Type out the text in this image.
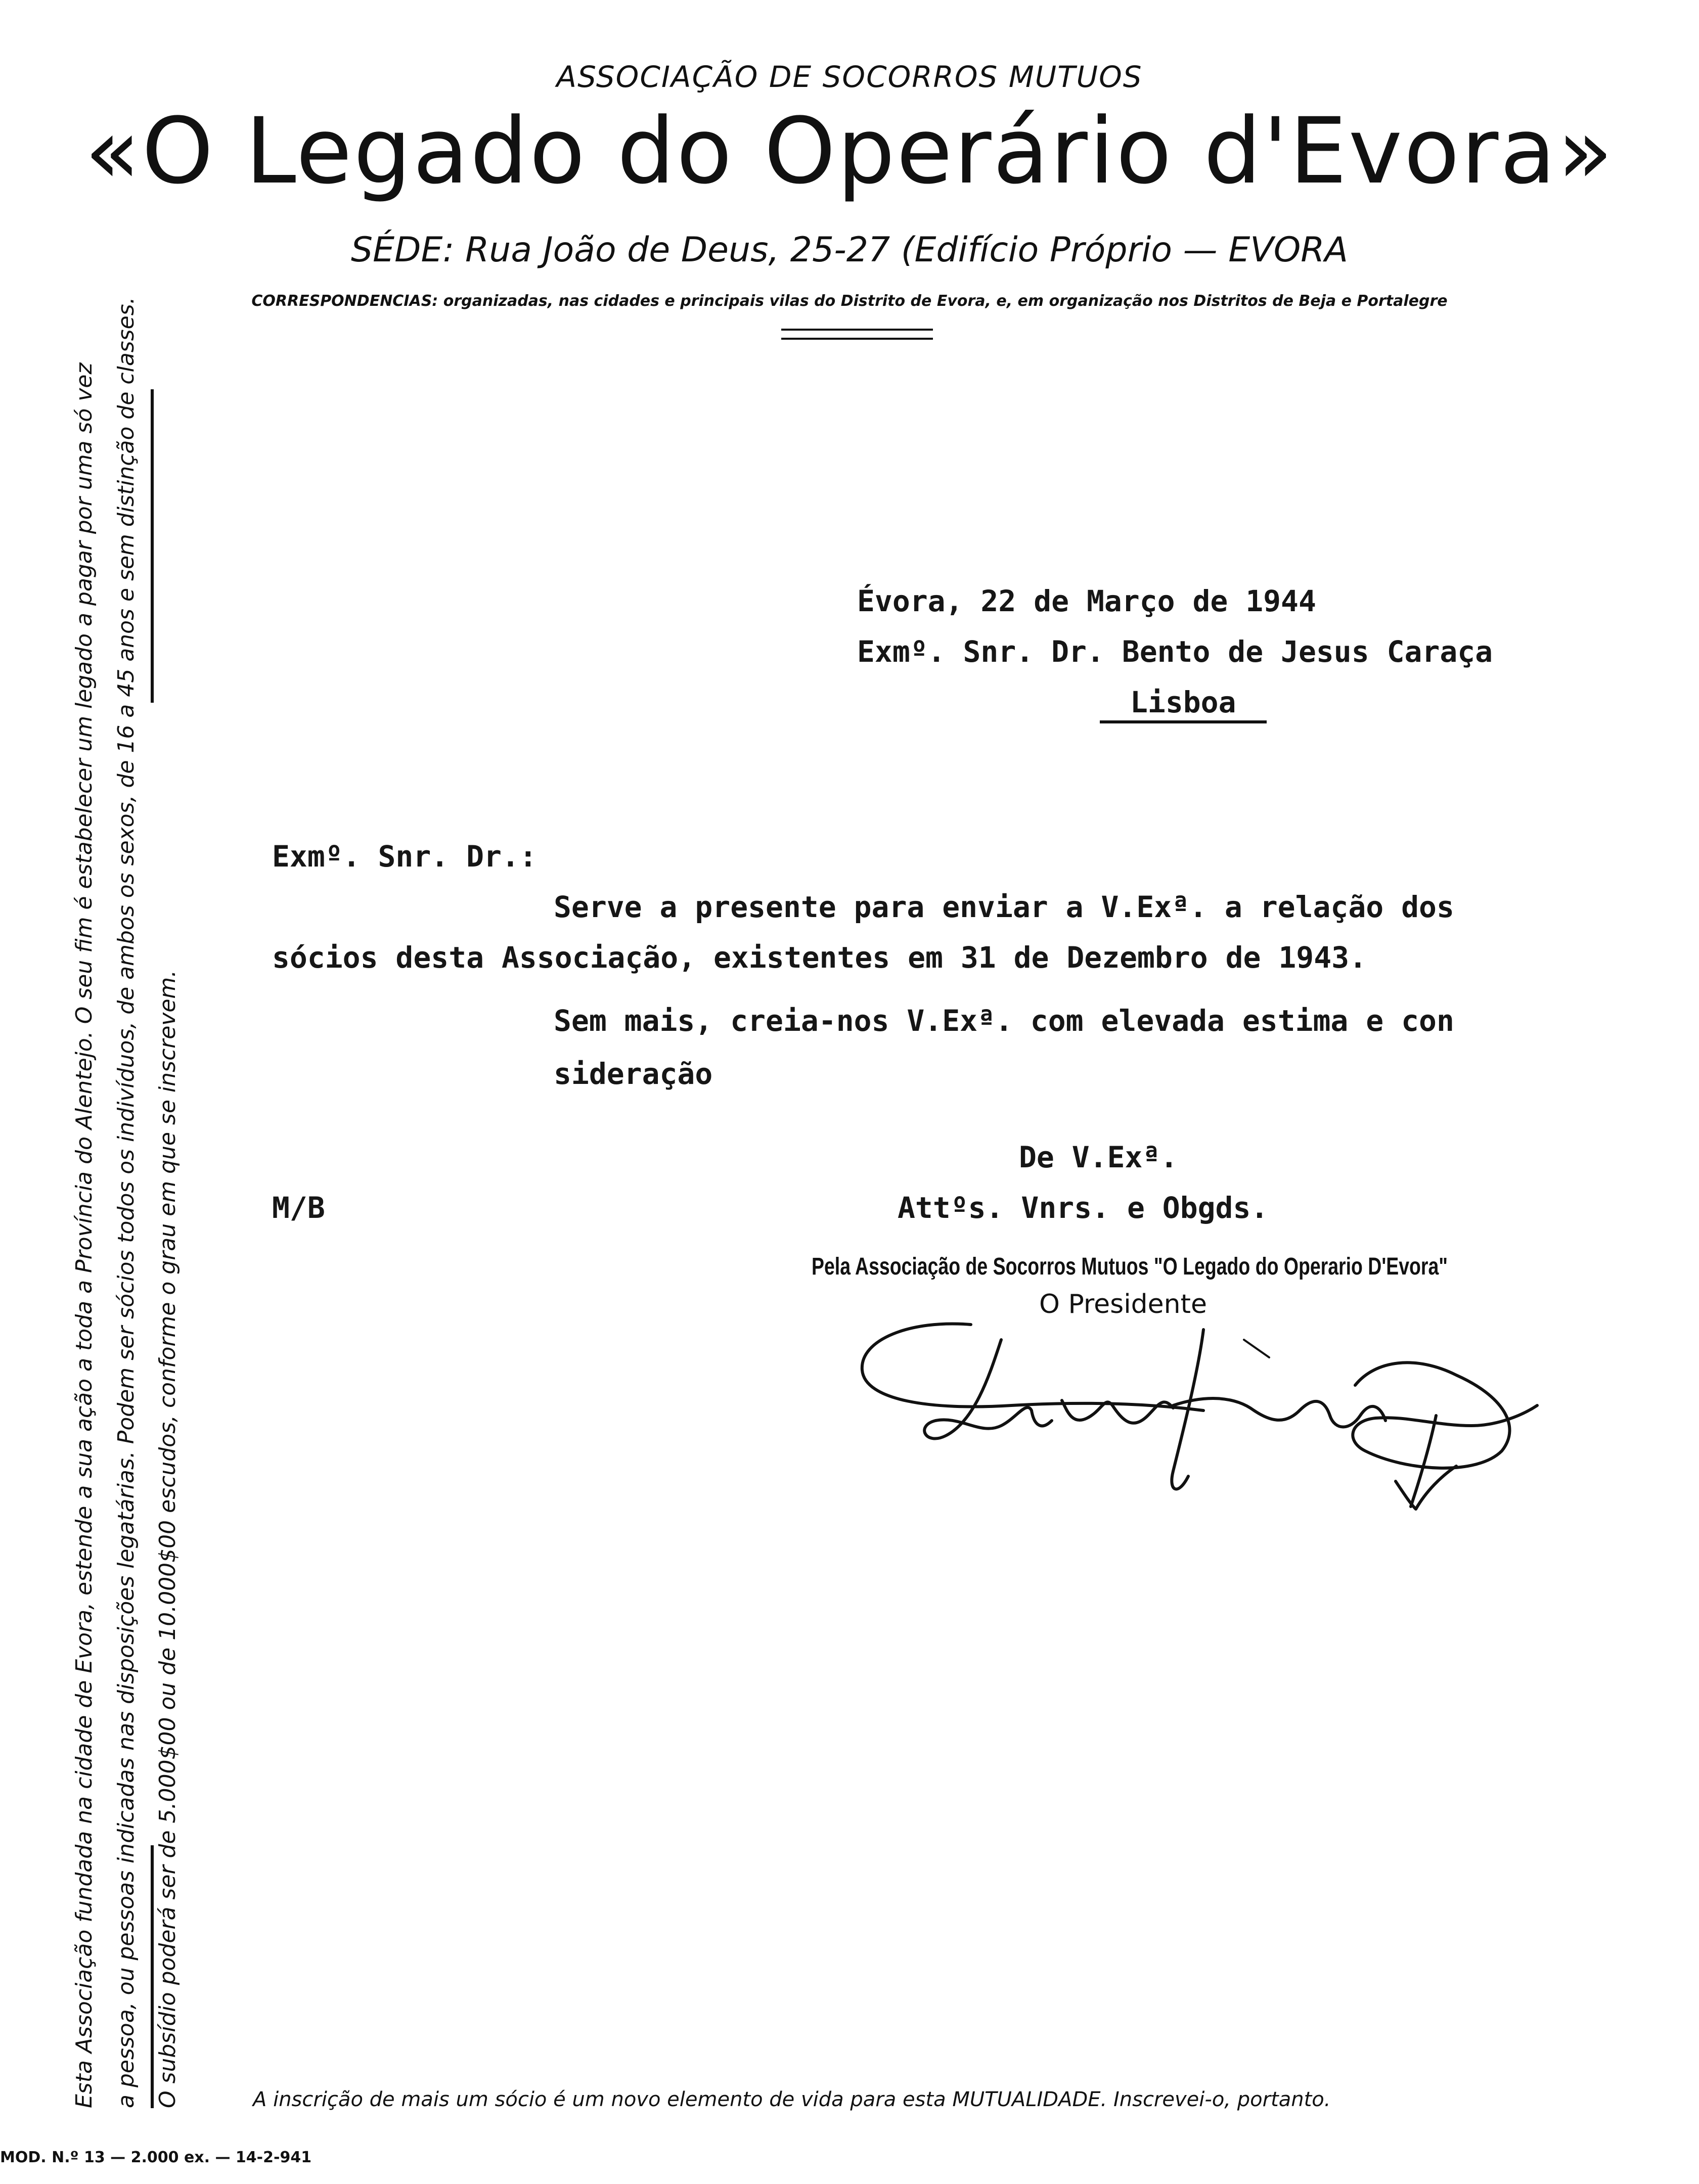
ASSOCIAÇÃO DE SOCORROS MUTUOS
«O Legado do Operário d'Evora»
SÉDE: Rua João de Deus, 25-27 (Edifício Próprio — EVORA
CORRESPONDENCIAS: organizadas, nas cidades e principais vilas do Distrito de Evora, e, em organização nos Distritos de Beja e Portalegre
Esta Associação fundada na cidade de Evora, estende a sua ação a toda a Província do Alentejo. O seu fim é estabelecer um legado a pagar por uma só vez a pessoa, ou pessoas indicadas nas disposições legatárias. Podem ser sócios todos os indivíduos, de ambos os sexos, de 16 a 45 anos e sem distinção de classes. O subsídio poderá ser de 5.000$00 ou de 10.000$00 escudos, conforme o grau em que se inscrevem.
Évora, 22 de Março de 1944
Exmº. Snr. Dr. Bento de Jesus Caraça
Lisboa
Exmº. Snr. Dr.:
Serve a presente para enviar a V.Exª. a relação dos
sócios desta Associação, existentes em 31 de Dezembro de 1943.
Sem mais, creia-nos V.Exª. com elevada estima e con
sideração
De V.Exª.
M/B	Attºs. Vnrs. e Obgds.
Pela Associação de Socorros Mutuos "O Legado do Operario D'Evora"
O Presidente
A inscrição de mais um sócio é um novo elemento de vida para esta MUTUALIDADE. Inscrevei-o, portanto.
MOD. N.º 13 — 2.000 ex. — 14-2-941
